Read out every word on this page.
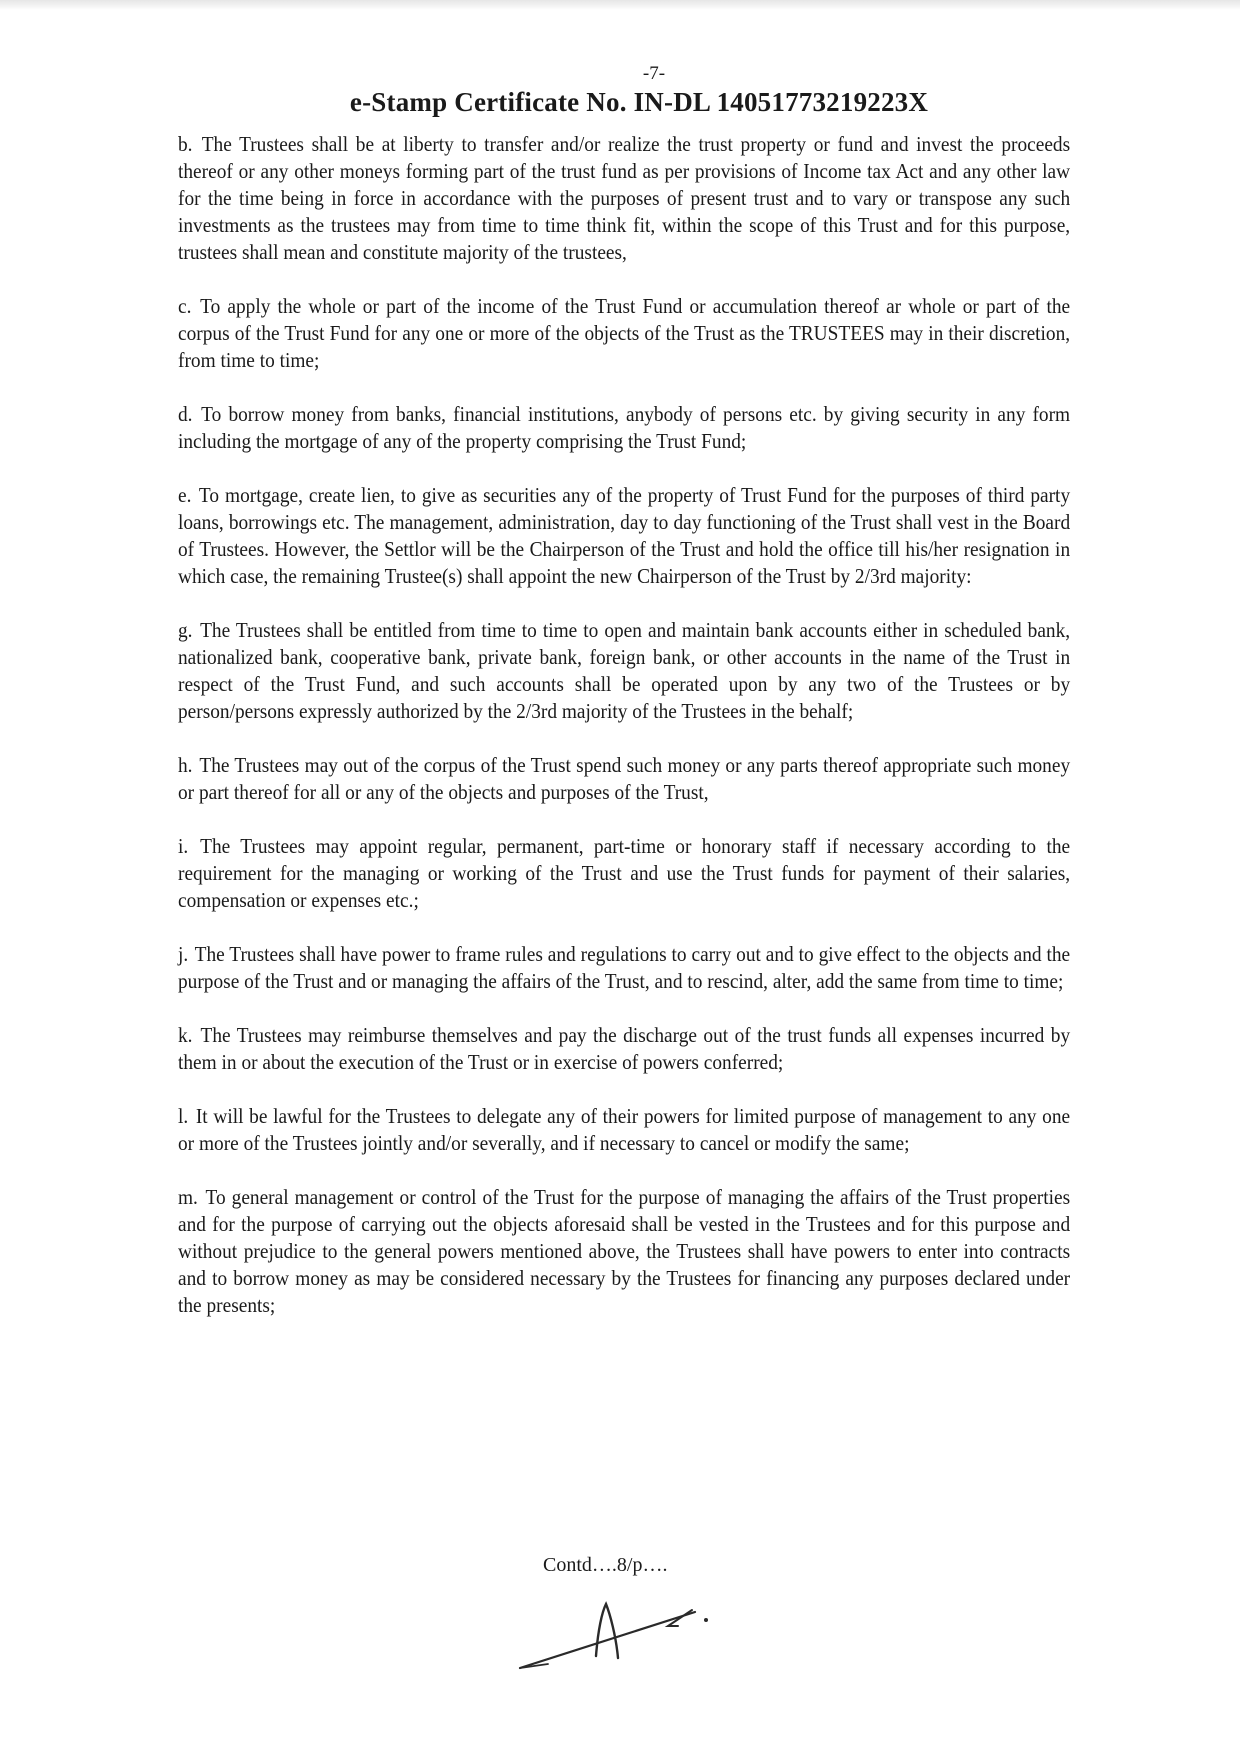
-7-
e-Stamp Certificate No. IN-DL 14051773219223X

b. The Trustees shall be at liberty to transfer and/or realize the trust property or fund and invest the proceeds thereof or any other moneys forming part of the trust fund as per provisions of Income tax Act and any other law for the time being in force in accordance with the purposes of present trust and to vary or transpose any such investments as the trustees may from time to time think fit, within the scope of this Trust and for this purpose, trustees shall mean and constitute majority of the trustees,

c. To apply the whole or part of the income of the Trust Fund or accumulation thereof ar whole or part of the corpus of the Trust Fund for any one or more of the objects of the Trust as the TRUSTEES may in their discretion, from time to time;

d. To borrow money from banks, financial institutions, anybody of persons etc. by giving security in any form including the mortgage of any of the property comprising the Trust Fund;

e. To mortgage, create lien, to give as securities any of the property of Trust Fund for the purposes of third party loans, borrowings etc. The management, administration, day to day functioning of the Trust shall vest in the Board of Trustees. However, the Settlor will be the Chairperson of the Trust and hold the office till his/her resignation in which case, the remaining Trustee(s) shall appoint the new Chairperson of the Trust by 2/3rd majority:

g. The Trustees shall be entitled from time to time to open and maintain bank accounts either in scheduled bank, nationalized bank, cooperative bank, private bank, foreign bank, or other accounts in the name of the Trust in respect of the Trust Fund, and such accounts shall be operated upon by any two of the Trustees or by person/persons expressly authorized by the 2/3rd majority of the Trustees in the behalf;

h. The Trustees may out of the corpus of the Trust spend such money or any parts thereof appropriate such money or part thereof for all or any of the objects and purposes of the Trust,

i. The Trustees may appoint regular, permanent, part-time or honorary staff if necessary according to the requirement for the managing or working of the Trust and use the Trust funds for payment of their salaries, compensation or expenses etc.;

j. The Trustees shall have power to frame rules and regulations to carry out and to give effect to the objects and the purpose of the Trust and or managing the affairs of the Trust, and to rescind, alter, add the same from time to time;

k. The Trustees may reimburse themselves and pay the discharge out of the trust funds all expenses incurred by them in or about the execution of the Trust or in exercise of powers conferred;

l. It will be lawful for the Trustees to delegate any of their powers for limited purpose of management to any one or more of the Trustees jointly and/or severally, and if necessary to cancel or modify the same;

m. To general management or control of the Trust for the purpose of managing the affairs of the Trust properties and for the purpose of carrying out the objects aforesaid shall be vested in the Trustees and for this purpose and without prejudice to the general powers mentioned above, the Trustees shall have powers to enter into contracts and to borrow money as may be considered necessary by the Trustees for financing any purposes declared under the presents;

Contd….8/p….
